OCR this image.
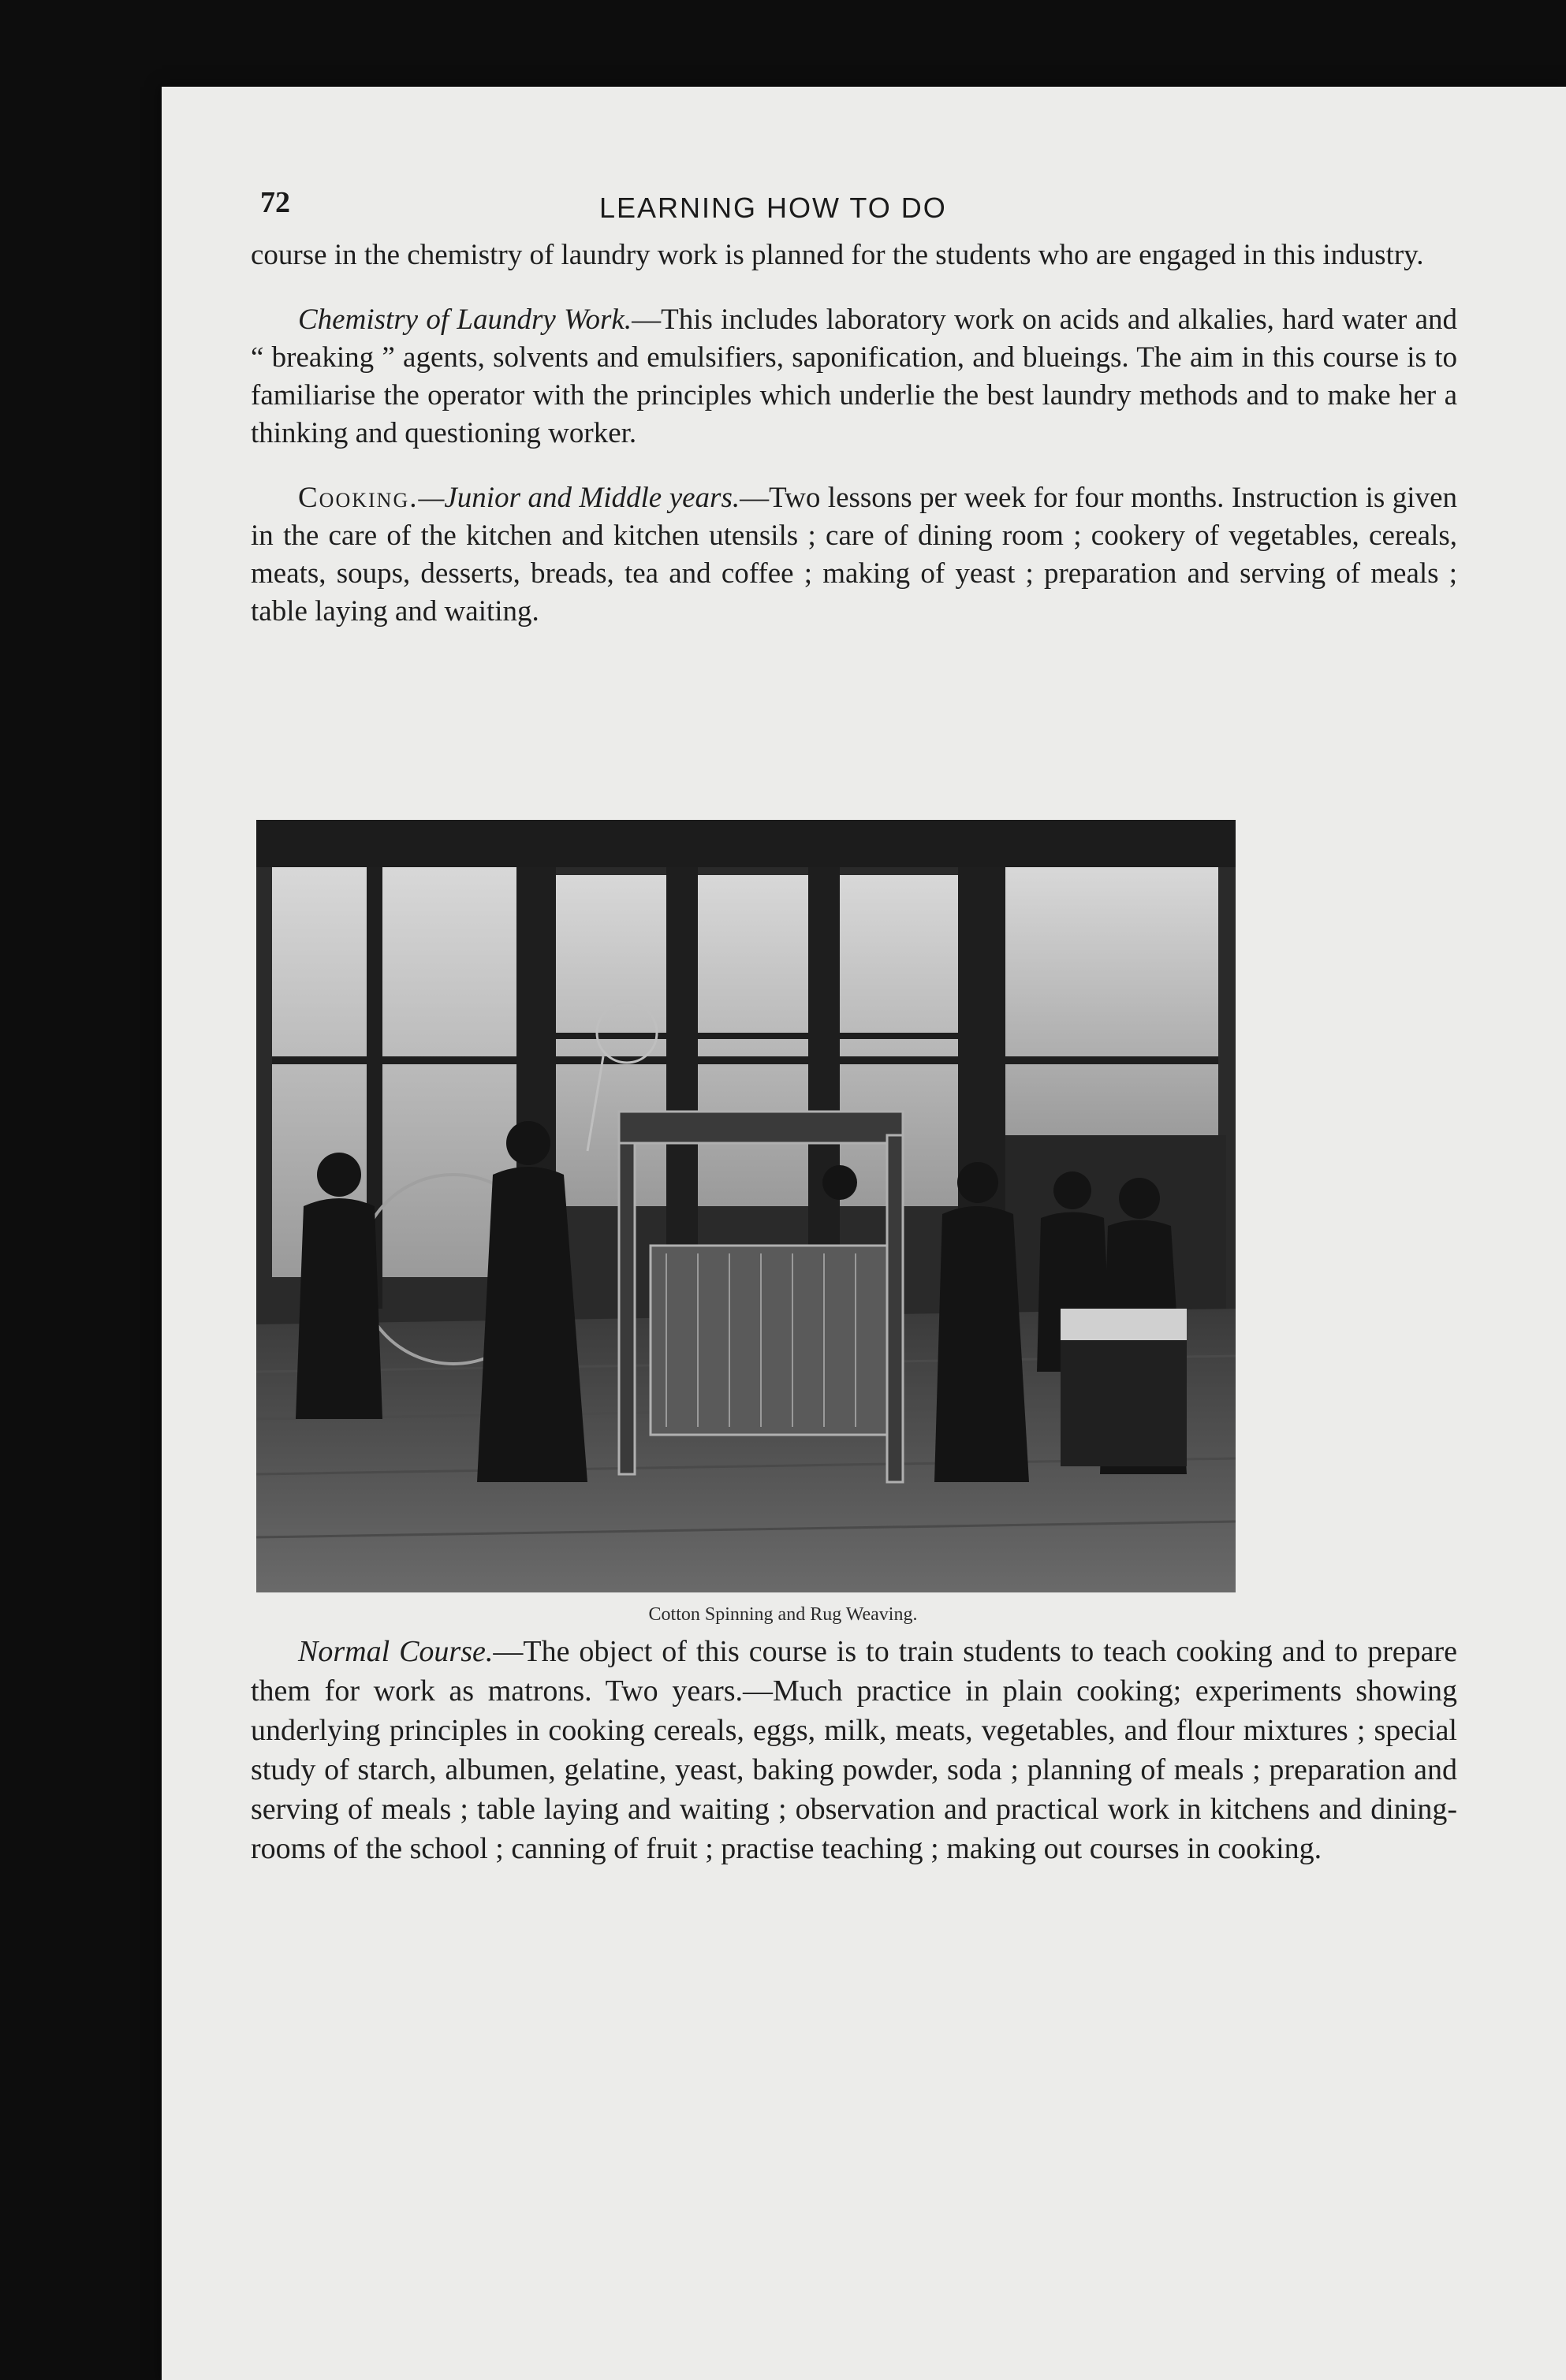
72	LEARNING HOW TO DO

course in the chemistry of laundry work is planned for the students who are engaged in this industry.

Chemistry of Laundry Work.—This includes laboratory work on acids and alkalies, hard water and “ breaking ” agents, solvents and emulsifiers, saponification, and blueings. The aim in this course is to familiarise the operator with the principles which underlie the best laundry methods and to make her a thinking and questioning worker.

Cooking.—Junior and Middle years.—Two lessons per week for four months. Instruction is given in the care of the kitchen and kitchen utensils ; care of dining room ; cookery of vegetables, cereals, meats, soups, desserts, breads, tea and coffee ; making of yeast ; preparation and serving of meals ; table laying and waiting.

Cotton Spinning and Rug Weaving.

Normal Course.—The object of this course is to train students to teach cooking and to prepare them for work as matrons. Two years.—Much practice in plain cooking; experiments showing underlying principles in cooking cereals, eggs, milk, meats, vegetables, and flour mixtures ; special study of starch, albumen, gelatine, yeast, baking powder, soda ; planning of meals ; preparation and serving of meals ; table laying and waiting ; observation and practical work in kitchens and dining-rooms of the school ; canning of fruit ; practise teaching ; making out courses in cooking.
